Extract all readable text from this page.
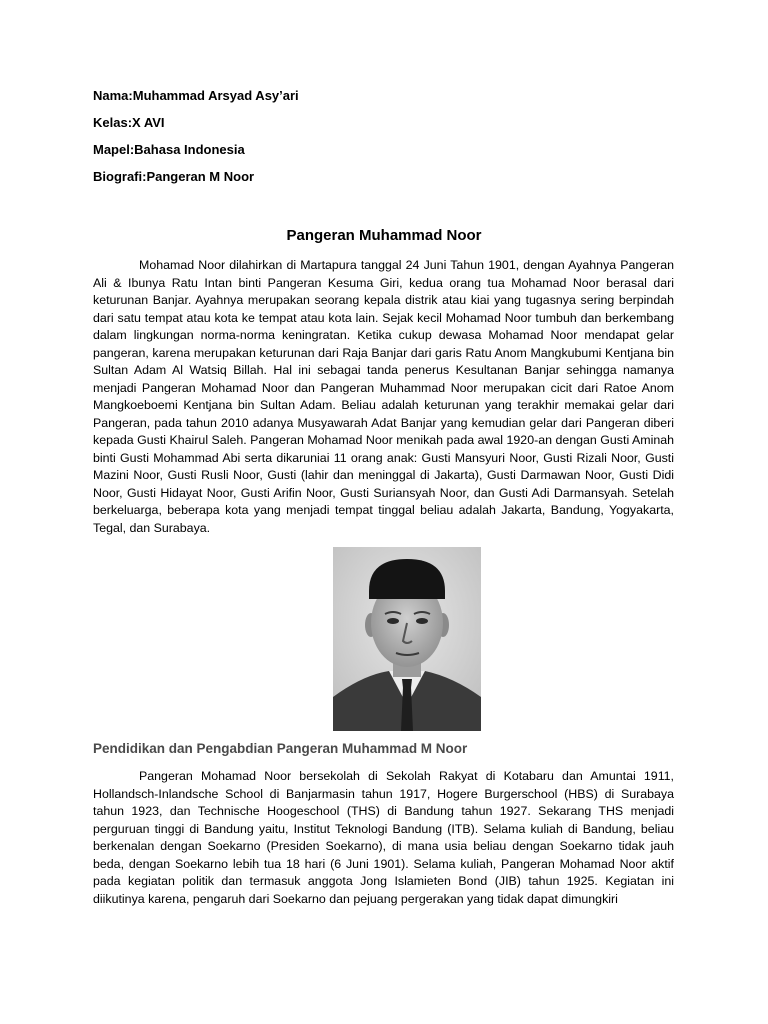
Nama:Muhammad Arsyad Asy’ari
Kelas:X AVI
Mapel:Bahasa Indonesia
Biografi:Pangeran M Noor
Pangeran Muhammad Noor

Mohamad Noor dilahirkan di Martapura tanggal 24 Juni Tahun 1901, dengan Ayahnya Pangeran Ali & Ibunya Ratu Intan binti Pangeran Kesuma Giri, kedua orang tua Mohamad Noor berasal dari keturunan Banjar. Ayahnya merupakan seorang kepala distrik atau kiai yang tugasnya sering berpindah dari satu tempat atau kota ke tempat atau kota lain. Sejak kecil Mohamad Noor tumbuh dan berkembang dalam lingkungan norma-norma keningratan. Ketika cukup dewasa Mohamad Noor mendapat gelar pangeran, karena merupakan keturunan dari Raja Banjar dari garis Ratu Anom Mangkubumi Kentjana bin Sultan Adam Al Watsiq Billah. Hal ini sebagai tanda penerus Kesultanan Banjar sehingga namanya menjadi Pangeran Mohamad Noor dan Pangeran Muhammad Noor merupakan cicit dari Ratoe Anom Mangkoeboemi Kentjana bin Sultan Adam. Beliau adalah keturunan yang terakhir memakai gelar dari Pangeran, pada tahun 2010 adanya Musyawarah Adat Banjar yang kemudian gelar dari Pangeran diberi kepada Gusti Khairul Saleh. Pangeran Mohamad Noor menikah pada awal 1920-an dengan Gusti Aminah binti Gusti Mohammad Abi serta dikaruniai 11 orang anak: Gusti Mansyuri Noor, Gusti Rizali Noor, Gusti Mazini Noor, Gusti Rusli Noor, Gusti (lahir dan meninggal di Jakarta), Gusti Darmawan Noor, Gusti Didi Noor, Gusti Hidayat Noor, Gusti Arifin Noor, Gusti Suriansyah Noor, dan Gusti Adi Darmansyah. Setelah berkeluarga, beberapa kota yang menjadi tempat tinggal beliau adalah Jakarta, Bandung, Yogyakarta, Tegal, dan Surabaya.

Pendidikan dan Pengabdian Pangeran Muhammad M Noor

Pangeran Mohamad Noor bersekolah di Sekolah Rakyat di Kotabaru dan Amuntai 1911, Hollandsch-Inlandsche School di Banjarmasin tahun 1917, Hogere Burgerschool (HBS) di Surabaya tahun 1923, dan Technische Hoogeschool (THS) di Bandung tahun 1927. Sekarang THS menjadi perguruan tinggi di Bandung yaitu, Institut Teknologi Bandung (ITB). Selama kuliah di Bandung, beliau berkenalan dengan Soekarno (Presiden Soekarno), di mana usia beliau dengan Soekarno tidak jauh beda, dengan Soekarno lebih tua 18 hari (6 Juni 1901). Selama kuliah, Pangeran Mohamad Noor aktif pada kegiatan politik dan termasuk anggota Jong Islamieten Bond (JIB) tahun 1925. Kegiatan ini diikutinya karena, pengaruh dari Soekarno dan pejuang pergerakan yang tidak dapat dimungkiri
